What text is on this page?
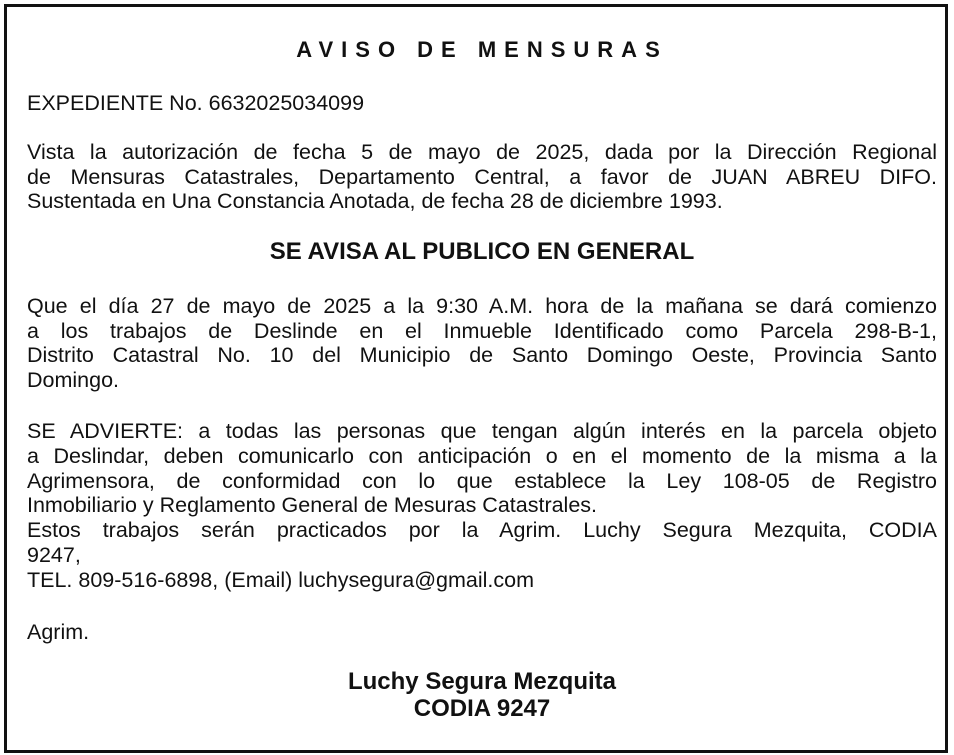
AVISO DE MENSURAS
EXPEDIENTE No. 6632025034099
Vista la autorización de fecha 5 de mayo de 2025, dada por la Dirección Regional
de Mensuras Catastrales, Departamento Central, a favor de JUAN ABREU DIFO.
Sustentada en Una Constancia Anotada, de fecha 28 de diciembre 1993.
SE AVISA AL PUBLICO EN GENERAL
Que el día 27 de mayo de 2025 a la 9:30 A.M. hora de la mañana se dará comienzo
a los trabajos de Deslinde en el Inmueble Identificado como Parcela 298-B-1,
Distrito Catastral No. 10 del Municipio de Santo Domingo Oeste, Provincia Santo
Domingo.
SE ADVIERTE: a todas las personas que tengan algún interés en la parcela objeto
a Deslindar, deben comunicarlo con anticipación o en el momento de la misma a la
Agrimensora, de conformidad con lo que establece la Ley 108-05 de Registro
Inmobiliario y Reglamento General de Mesuras Catastrales.
Estos trabajos serán practicados por la Agrim. Luchy Segura Mezquita, CODIA
9247,
TEL. 809-516-6898, (Email) luchysegura@gmail.com
Agrim.
Luchy Segura Mezquita
CODIA 9247
